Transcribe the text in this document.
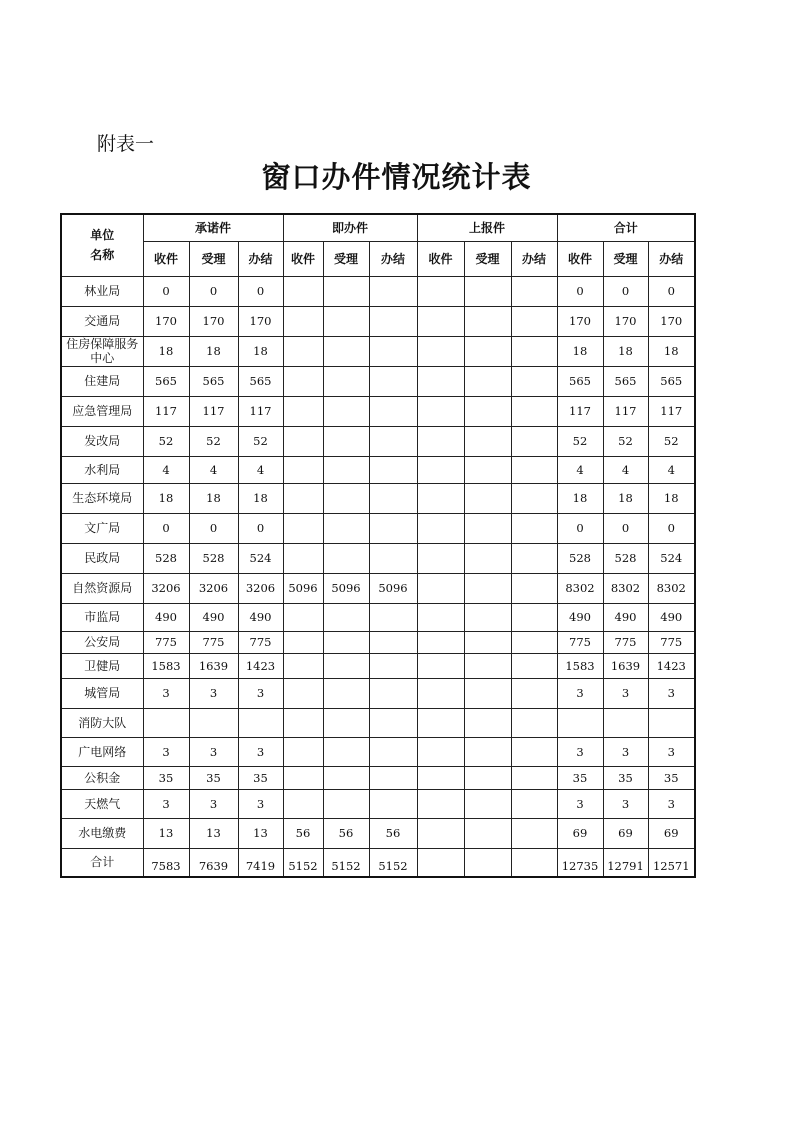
附表一
窗口办件情况统计表
单位
名称	承诺件			即办件			上报件			合计		
	收件	受理	办结	收件	受理	办结	收件	受理	办结	收件	受理	办结
林业局	0	0	0							0	0	0
交通局	170	170	170							170	170	170
住房保障服务中心	18	18	18							18	18	18
住建局	565	565	565							565	565	565
应急管理局	117	117	117							117	117	117
发改局	52	52	52							52	52	52
水利局	4	4	4							4	4	4
生态环境局	18	18	18							18	18	18
文广局	0	0	0							0	0	0
民政局	528	528	524							528	528	524
自然资源局	3206	3206	3206	5096	5096	5096				8302	8302	8302
市监局	490	490	490							490	490	490
公安局	775	775	775							775	775	775
卫健局	1583	1639	1423							1583	1639	1423
城管局	3	3	3							3	3	3
消防大队												
广电网络	3	3	3							3	3	3
公积金	35	35	35							35	35	35
天燃气	3	3	3							3	3	3
水电缴费	13	13	13	56	56	56				69	69	69
合计	7583	7639	7419	5152	5152	5152				12735	12791	12571
